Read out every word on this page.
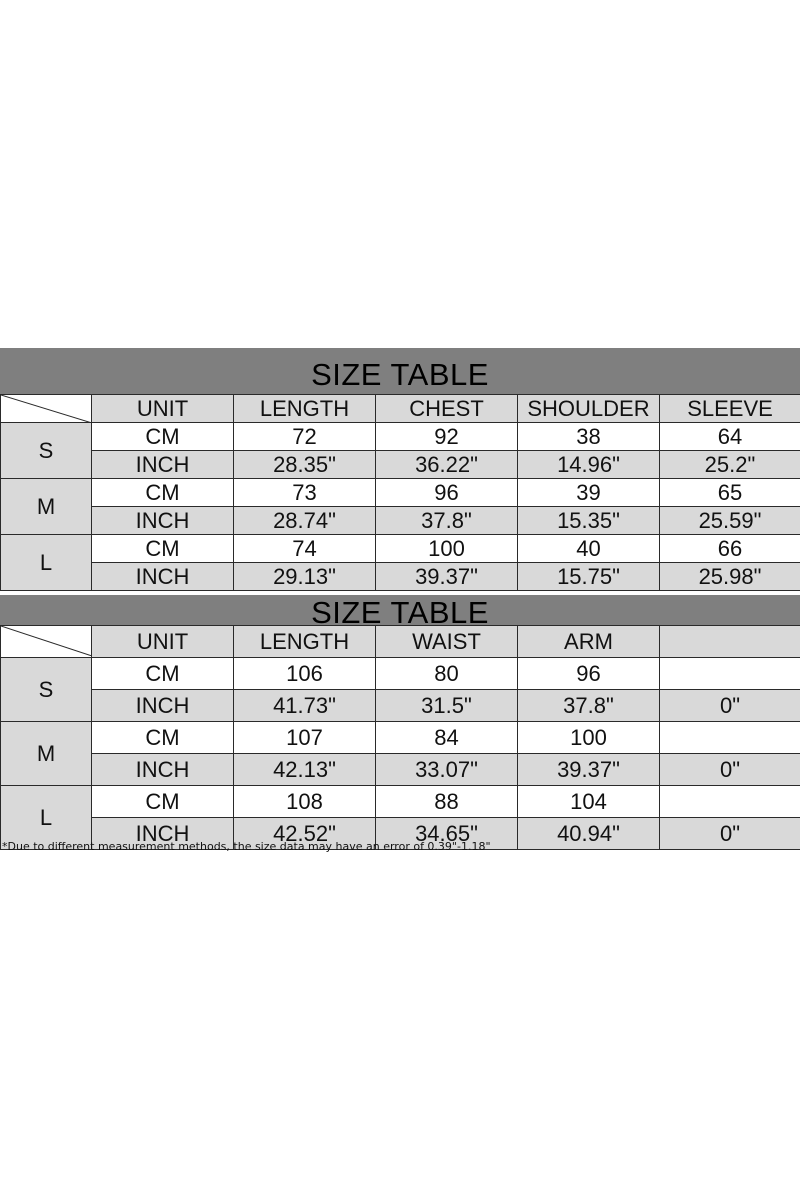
SIZE TABLE
	UNIT	LENGTH	CHEST	SHOULDER	SLEEVE
S	CM	72	92	38	64
	INCH	28.35"	36.22"	14.96"	25.2"
M	CM	73	96	39	65
	INCH	28.74"	37.8"	15.35"	25.59"
L	CM	74	100	40	66
	INCH	29.13"	39.37"	15.75"	25.98"
SIZE TABLE
	UNIT	LENGTH	WAIST	ARM	
S	CM	106	80	96	
	INCH	41.73"	31.5"	37.8"	0"
M	CM	107	84	100	
	INCH	42.13"	33.07"	39.37"	0"
L	CM	108	88	104	
	INCH	42.52"	34.65"	40.94"	0"
*Due to different measurement methods, the size data may have an error of 0.39"-1.18"
